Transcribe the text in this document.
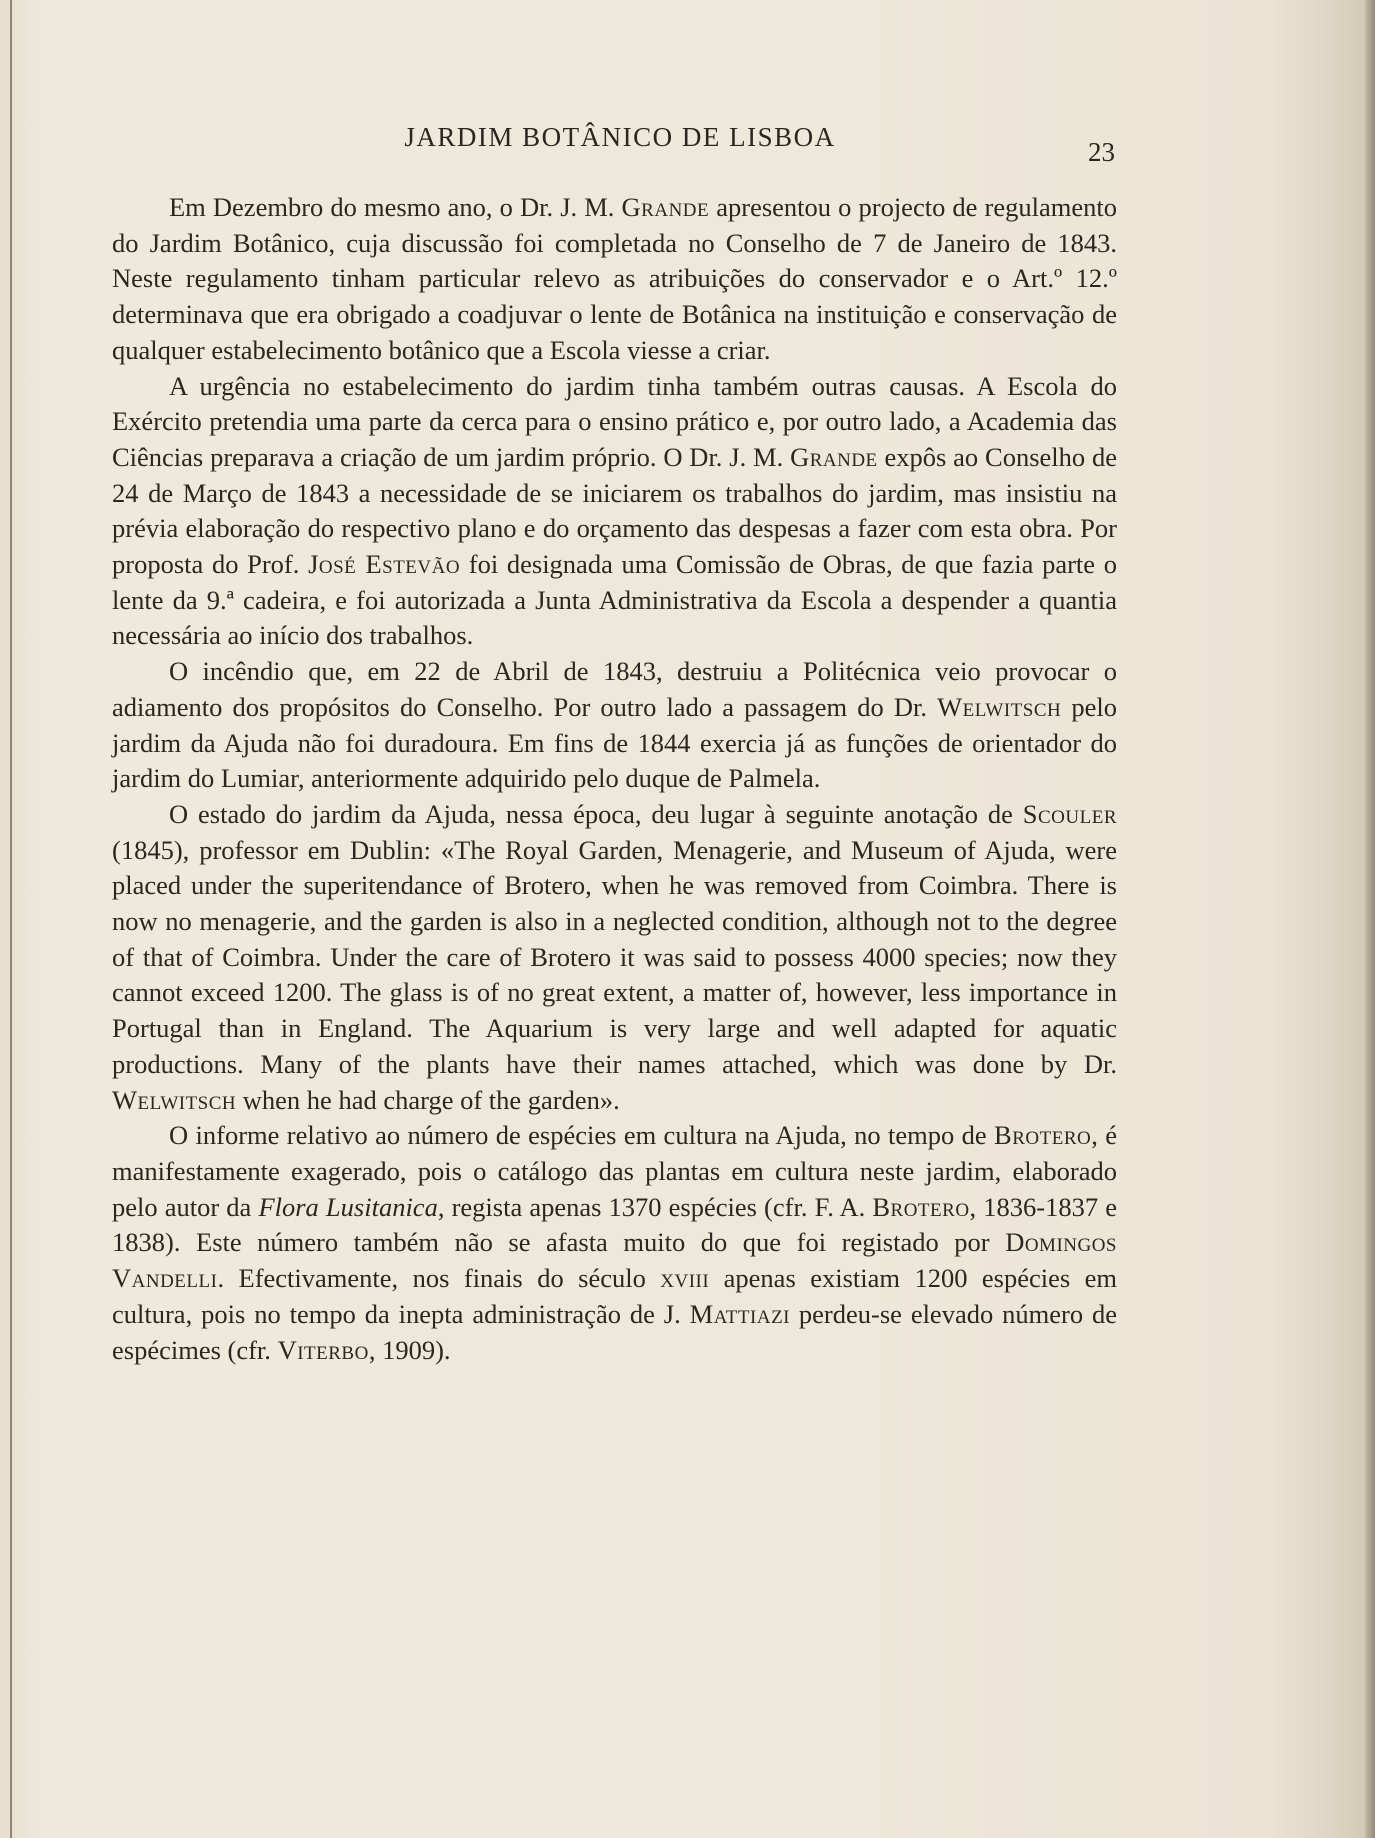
JARDIM BOTÂNICO DE LISBOA	23

Em Dezembro do mesmo ano, o Dr. J. M. Grande apresentou o projecto de regulamento do Jardim Botânico, cuja discussão foi completada no Conselho de 7 de Janeiro de 1843. Neste regulamento tinham particular relevo as atribuições do conservador e o Art.º 12.º determinava que era obrigado a coadjuvar o lente de Botânica na instituição e conservação de qualquer estabelecimento botânico que a Escola viesse a criar.

A urgência no estabelecimento do jardim tinha também outras causas. A Escola do Exército pretendia uma parte da cerca para o ensino prático e, por outro lado, a Academia das Ciências preparava a criação de um jardim próprio. O Dr. J. M. Grande expôs ao Conselho de 24 de Março de 1843 a necessidade de se iniciarem os trabalhos do jardim, mas insistiu na prévia elaboração do respectivo plano e do orçamento das despesas a fazer com esta obra. Por proposta do Prof. José Estevão foi designada uma Comissão de Obras, de que fazia parte o lente da 9.ª cadeira, e foi autorizada a Junta Administrativa da Escola a despender a quantia necessária ao início dos trabalhos.

O incêndio que, em 22 de Abril de 1843, destruiu a Politécnica veio provocar o adiamento dos propósitos do Conselho. Por outro lado a passagem do Dr. Welwitsch pelo jardim da Ajuda não foi duradoura. Em fins de 1844 exercia já as funções de orientador do jardim do Lumiar, anteriormente adquirido pelo duque de Palmela.

O estado do jardim da Ajuda, nessa época, deu lugar à seguinte anotação de Scouler (1845), professor em Dublin: «The Royal Garden, Menagerie, and Museum of Ajuda, were placed under the superitendance of Brotero, when he was removed from Coimbra. There is now no menagerie, and the garden is also in a neglected condition, although not to the degree of that of Coimbra. Under the care of Brotero it was said to possess 4000 species; now they cannot exceed 1200. The glass is of no great extent, a matter of, however, less importance in Portugal than in England. The Aquarium is very large and well adapted for aquatic productions. Many of the plants have their names attached, which was done by Dr. Welwitsch when he had charge of the garden».

O informe relativo ao número de espécies em cultura na Ajuda, no tempo de Brotero, é manifestamente exagerado, pois o catálogo das plantas em cultura neste jardim, elaborado pelo autor da Flora Lusitanica, regista apenas 1370 espécies (cfr. F. A. Brotero, 1836-1837 e 1838). Este número também não se afasta muito do que foi registado por Domingos Vandelli. Efectivamente, nos finais do século xviii apenas existiam 1200 espécies em cultura, pois no tempo da inepta administração de J. Mattiazi perdeu-se elevado número de espécimes (cfr. Viterbo, 1909).
